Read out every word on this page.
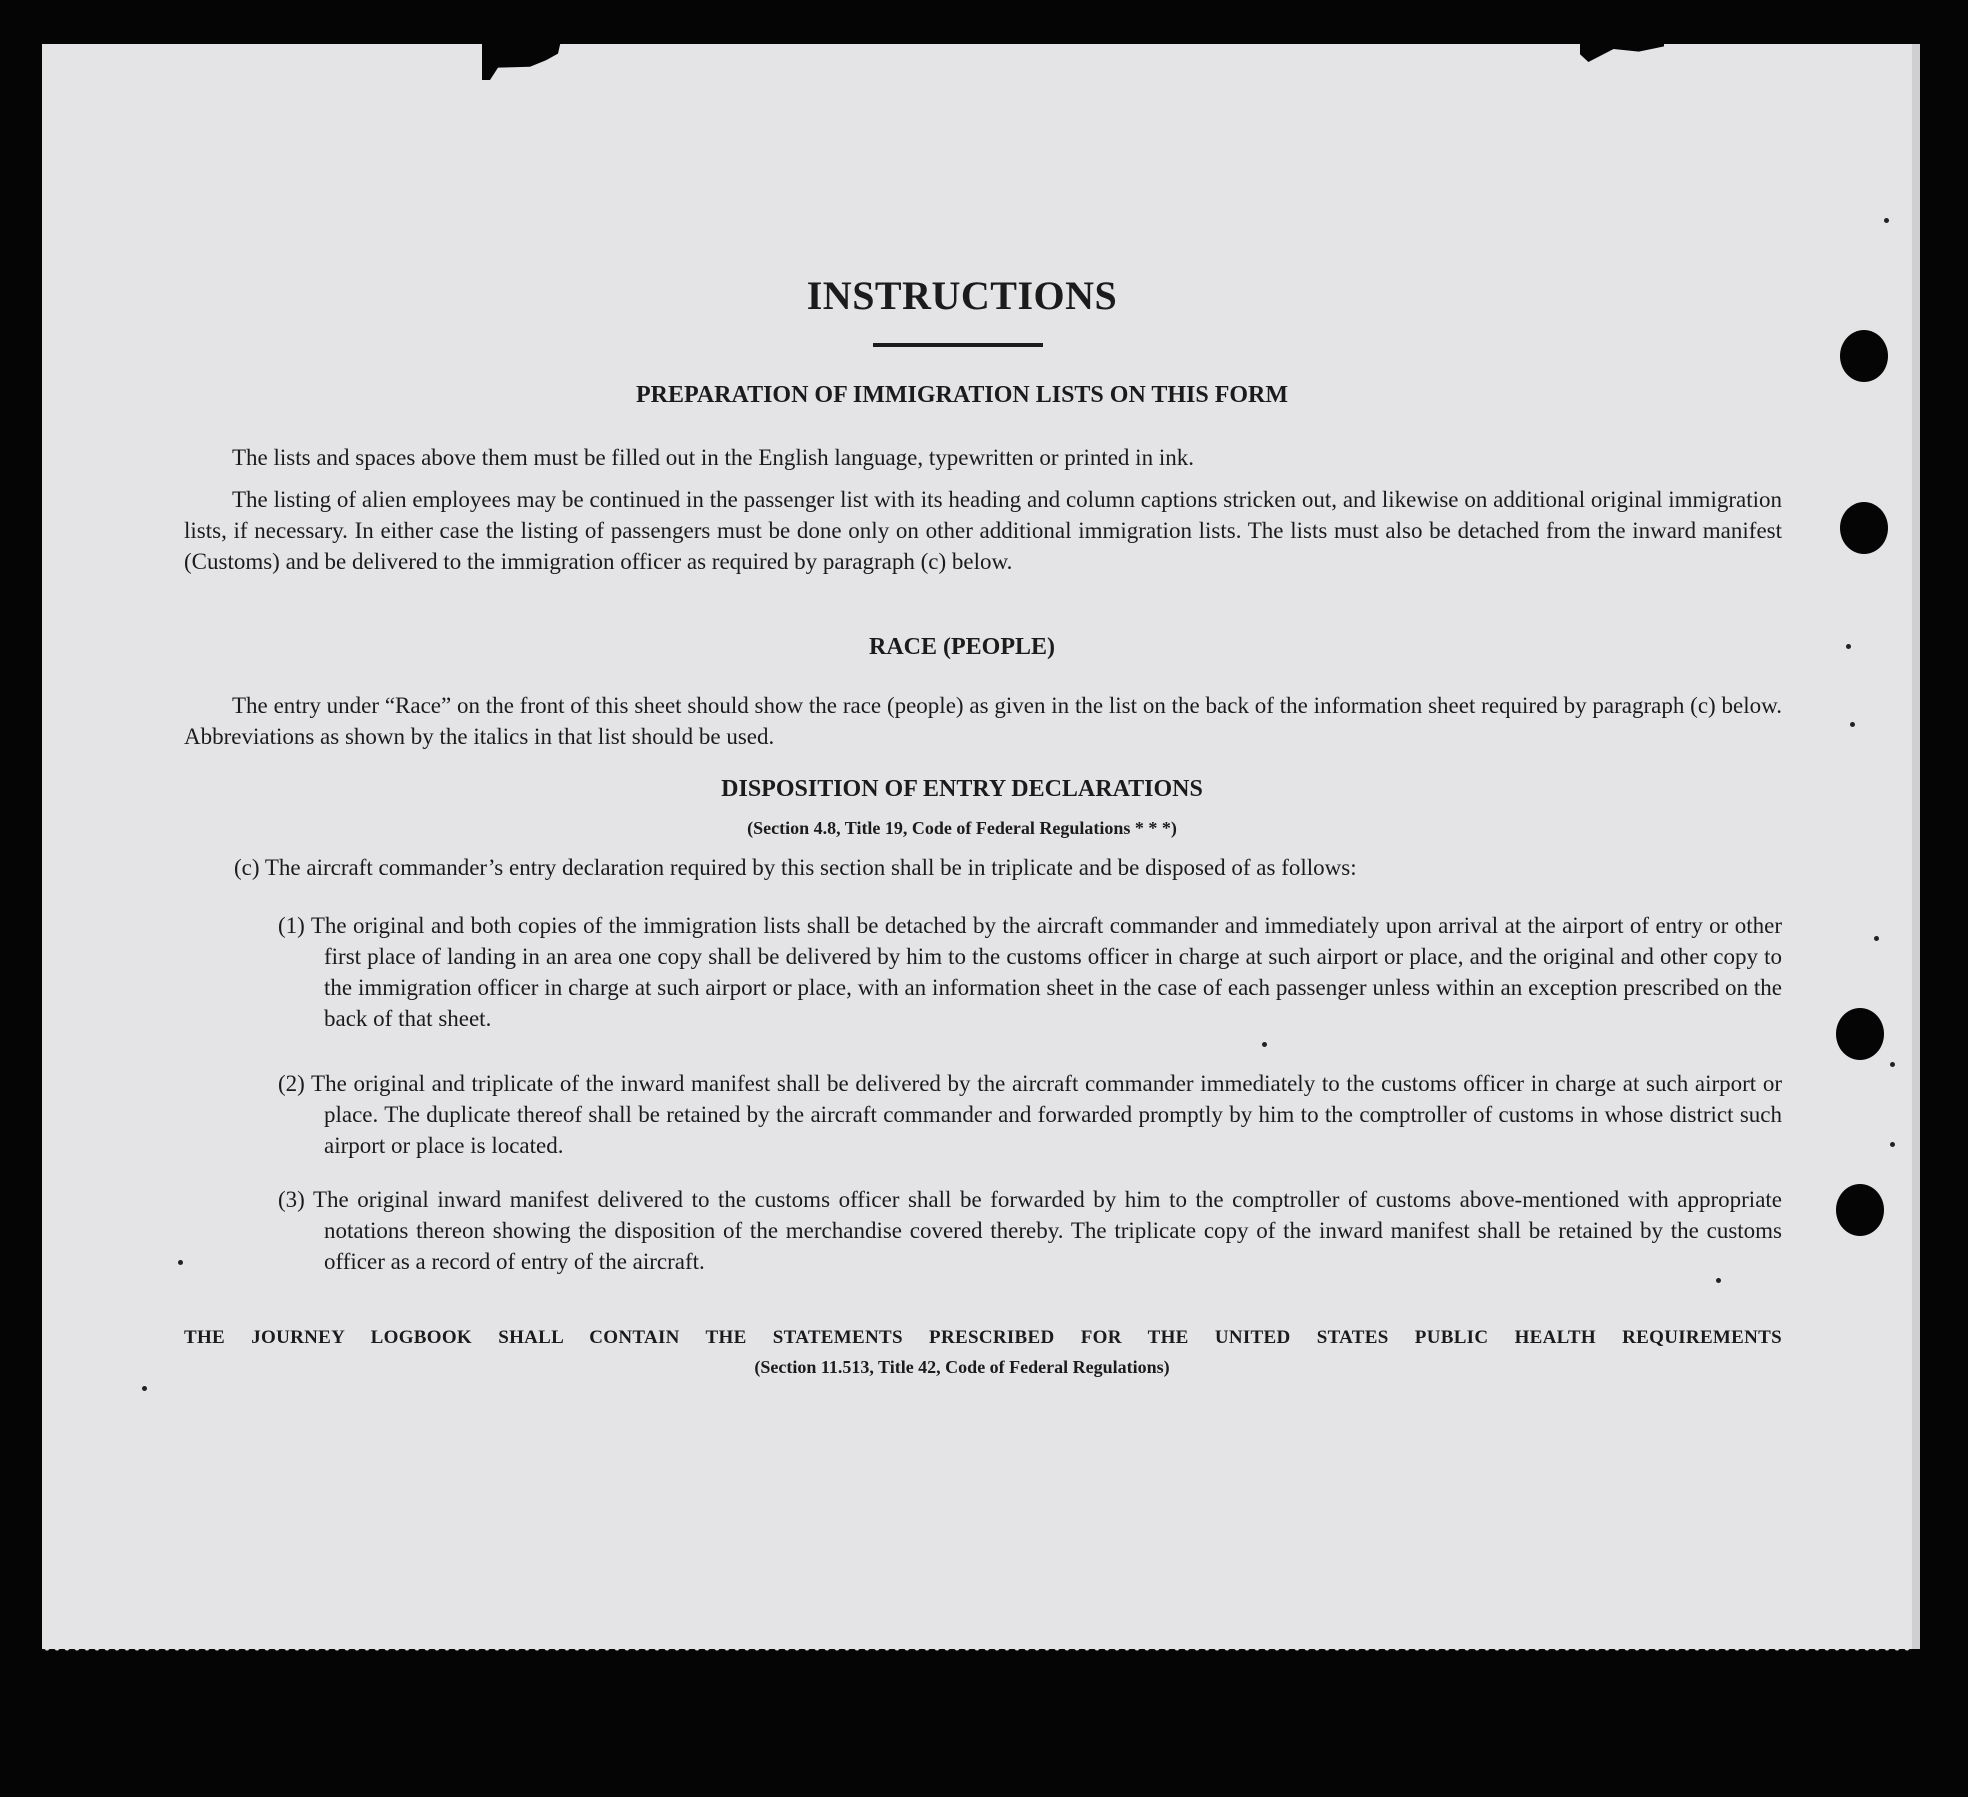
INSTRUCTIONS
PREPARATION OF IMMIGRATION LISTS ON THIS FORM
The lists and spaces above them must be filled out in the English language, typewritten or printed in ink.
The listing of alien employees may be continued in the passenger list with its heading and column captions stricken out, and likewise on additional original immigration lists, if necessary. In either case the listing of passengers must be done only on other additional immigration lists. The lists must also be detached from the inward manifest (Customs) and be delivered to the immigration officer as required by paragraph (c) below.
RACE (PEOPLE)
The entry under “Race” on the front of this sheet should show the race (people) as given in the list on the back of the information sheet required by paragraph (c) below. Abbreviations as shown by the italics in that list should be used.
DISPOSITION OF ENTRY DECLARATIONS
(Section 4.8, Title 19, Code of Federal Regulations * * *)
(c) The aircraft commander’s entry declaration required by this section shall be in triplicate and be disposed of as follows:
(1) The original and both copies of the immigration lists shall be detached by the aircraft commander and immediately upon arrival at the airport of entry or other first place of landing in an area one copy shall be delivered by him to the customs officer in charge at such airport or place, and the original and other copy to the immigration officer in charge at such airport or place, with an information sheet in the case of each passenger unless within an exception prescribed on the back of that sheet.
(2) The original and triplicate of the inward manifest shall be delivered by the aircraft commander immediately to the customs officer in charge at such airport or place. The duplicate thereof shall be retained by the aircraft commander and forwarded promptly by him to the comptroller of customs in whose district such airport or place is located.
(3) The original inward manifest delivered to the customs officer shall be forwarded by him to the comptroller of customs above-mentioned with appropriate notations thereon showing the disposition of the merchandise covered thereby. The triplicate copy of the inward manifest shall be retained by the customs officer as a record of entry of the aircraft.
THE JOURNEY LOGBOOK SHALL CONTAIN THE STATEMENTS PRESCRIBED FOR THE UNITED STATES PUBLIC HEALTH REQUIREMENTS
(Section 11.513, Title 42, Code of Federal Regulations)
